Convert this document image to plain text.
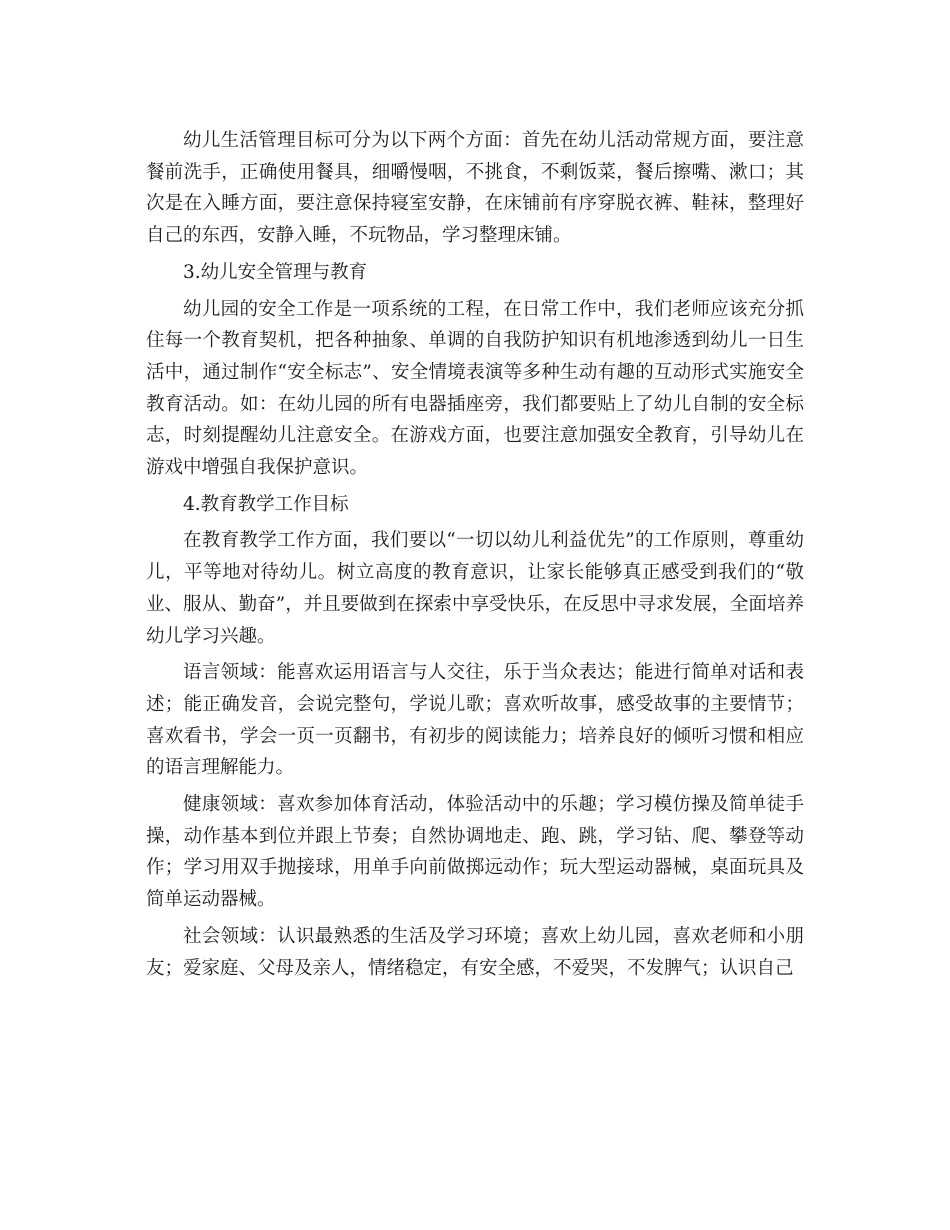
幼儿生活管理目标可分为以下两个方面：首先在幼儿活动常规方面，要注意餐前洗手，正确使用餐具，细嚼慢咽，不挑食，不剩饭菜，餐后擦嘴、漱口；其次是在入睡方面，要注意保持寝室安静，在床铺前有序穿脱衣裤、鞋袜，整理好自己的东西，安静入睡，不玩物品，学习整理床铺。

3.幼儿安全管理与教育

幼儿园的安全工作是一项系统的工程，在日常工作中，我们老师应该充分抓住每一个教育契机，把各种抽象、单调的自我防护知识有机地渗透到幼儿一日生活中，通过制作“安全标志”、安全情境表演等多种生动有趣的互动形式实施安全教育活动。如：在幼儿园的所有电器插座旁，我们都要贴上了幼儿自制的安全标志，时刻提醒幼儿注意安全。在游戏方面，也要注意加强安全教育，引导幼儿在游戏中增强自我保护意识。

4.教育教学工作目标

在教育教学工作方面，我们要以“一切以幼儿利益优先”的工作原则，尊重幼儿，平等地对待幼儿。树立高度的教育意识，让家长能够真正感受到我们的“敬业、服从、勤奋”，并且要做到在探索中享受快乐，在反思中寻求发展，全面培养幼儿学习兴趣。

语言领域：能喜欢运用语言与人交往，乐于当众表达；能进行简单对话和表述；能正确发音，会说完整句，学说儿歌；喜欢听故事，感受故事的主要情节；喜欢看书，学会一页一页翻书，有初步的阅读能力；培养良好的倾听习惯和相应的语言理解能力。

健康领域：喜欢参加体育活动，体验活动中的乐趣；学习模仿操及简单徒手操，动作基本到位并跟上节奏；自然协调地走、跑、跳，学习钻、爬、攀登等动作；学习用双手抛接球，用单手向前做掷远动作；玩大型运动器械，桌面玩具及简单运动器械。

社会领域：认识最熟悉的生活及学习环境；喜欢上幼儿园，喜欢老师和小朋友；爱家庭、父母及亲人，情绪稳定，有安全感，不爱哭，不发脾气；认识自己
